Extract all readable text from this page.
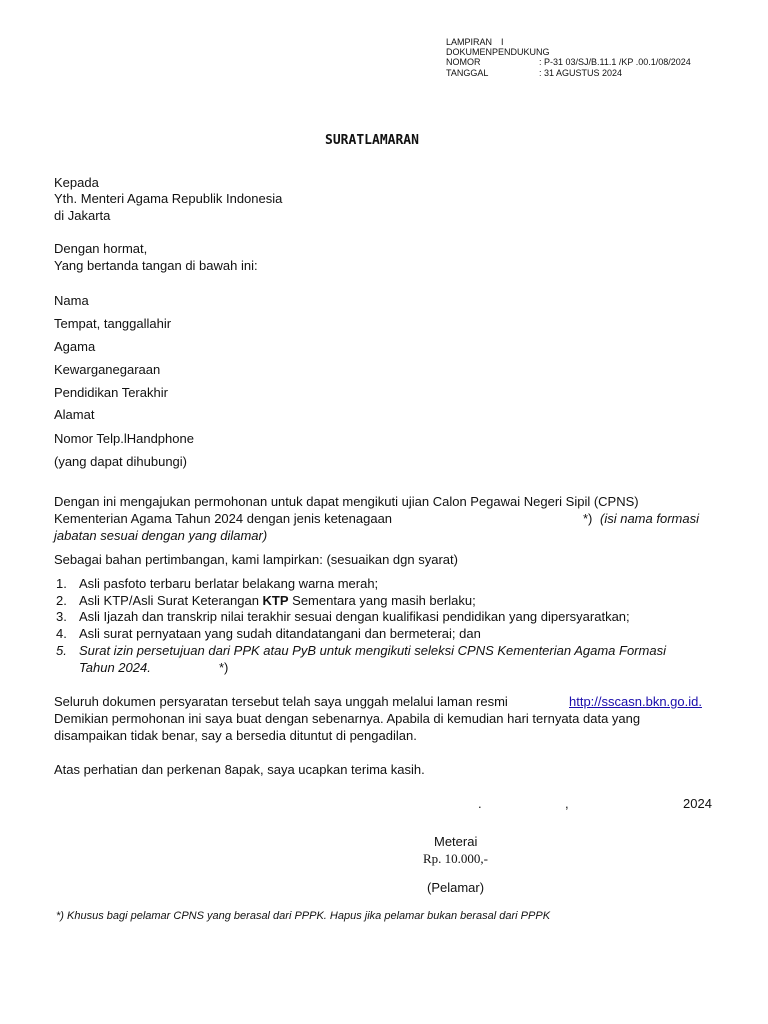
LAMPIRAN I
DOKUMENPENDUKUNG
NOMOR	: P-31 03/SJ/B.11.1 /KP .00.1/08/2024
TANGGAL	: 31 AGUSTUS 2024
SURATLAMARAN
Kepada
Yth. Menteri Agama Republik Indonesia
di Jakarta
Dengan hormat,
Yang bertanda tangan di bawah ini:
Nama
Tempat, tanggallahir
Agama
Kewarganegaraan
Pendidikan Terakhir
Alamat
Nomor Telp.lHandphone
(yang dapat dihubungi)
Dengan ini mengajukan permohonan untuk dapat mengikuti ujian Calon Pegawai Negeri Sipil (CPNS)
Kementerian Agama Tahun 2024 dengan jenis ketenagaan	*) (isi nama formasi
jabatan sesuai dengan yang dilamar)
Sebagai bahan pertimbangan, kami lampirkan: (sesuaikan dgn syarat)
1. Asli pasfoto terbaru berlatar belakang warna merah;
2. Asli KTP/Asli Surat Keterangan KTP Sementara yang masih berlaku;
3. Asli Ijazah dan transkrip nilai terakhir sesuai dengan kualifikasi pendidikan yang dipersyaratkan;
4. Asli surat pernyataan yang sudah ditandatangani dan bermeterai; dan
5. Surat izin persetujuan dari PPK atau PyB untuk mengikuti seleksi CPNS Kementerian Agama Formasi
Tahun 2024.	*)
Seluruh dokumen persyaratan tersebut telah saya unggah melalui laman resmi	http://sscasn.bkn.go.id.
Demikian permohonan ini saya buat dengan sebenarnya. Apabila di kemudian hari ternyata data yang
disampaikan tidak benar, say a bersedia dituntut di pengadilan.
Atas perhatian dan perkenan 8apak, saya ucapkan terima kasih.
.	,	2024
Meterai
Rp. 10.000,-
(Pelamar)
*) Khusus bagi pelamar CPNS yang berasal dari PPPK. Hapus jika pelamar bukan berasal dari PPPK
